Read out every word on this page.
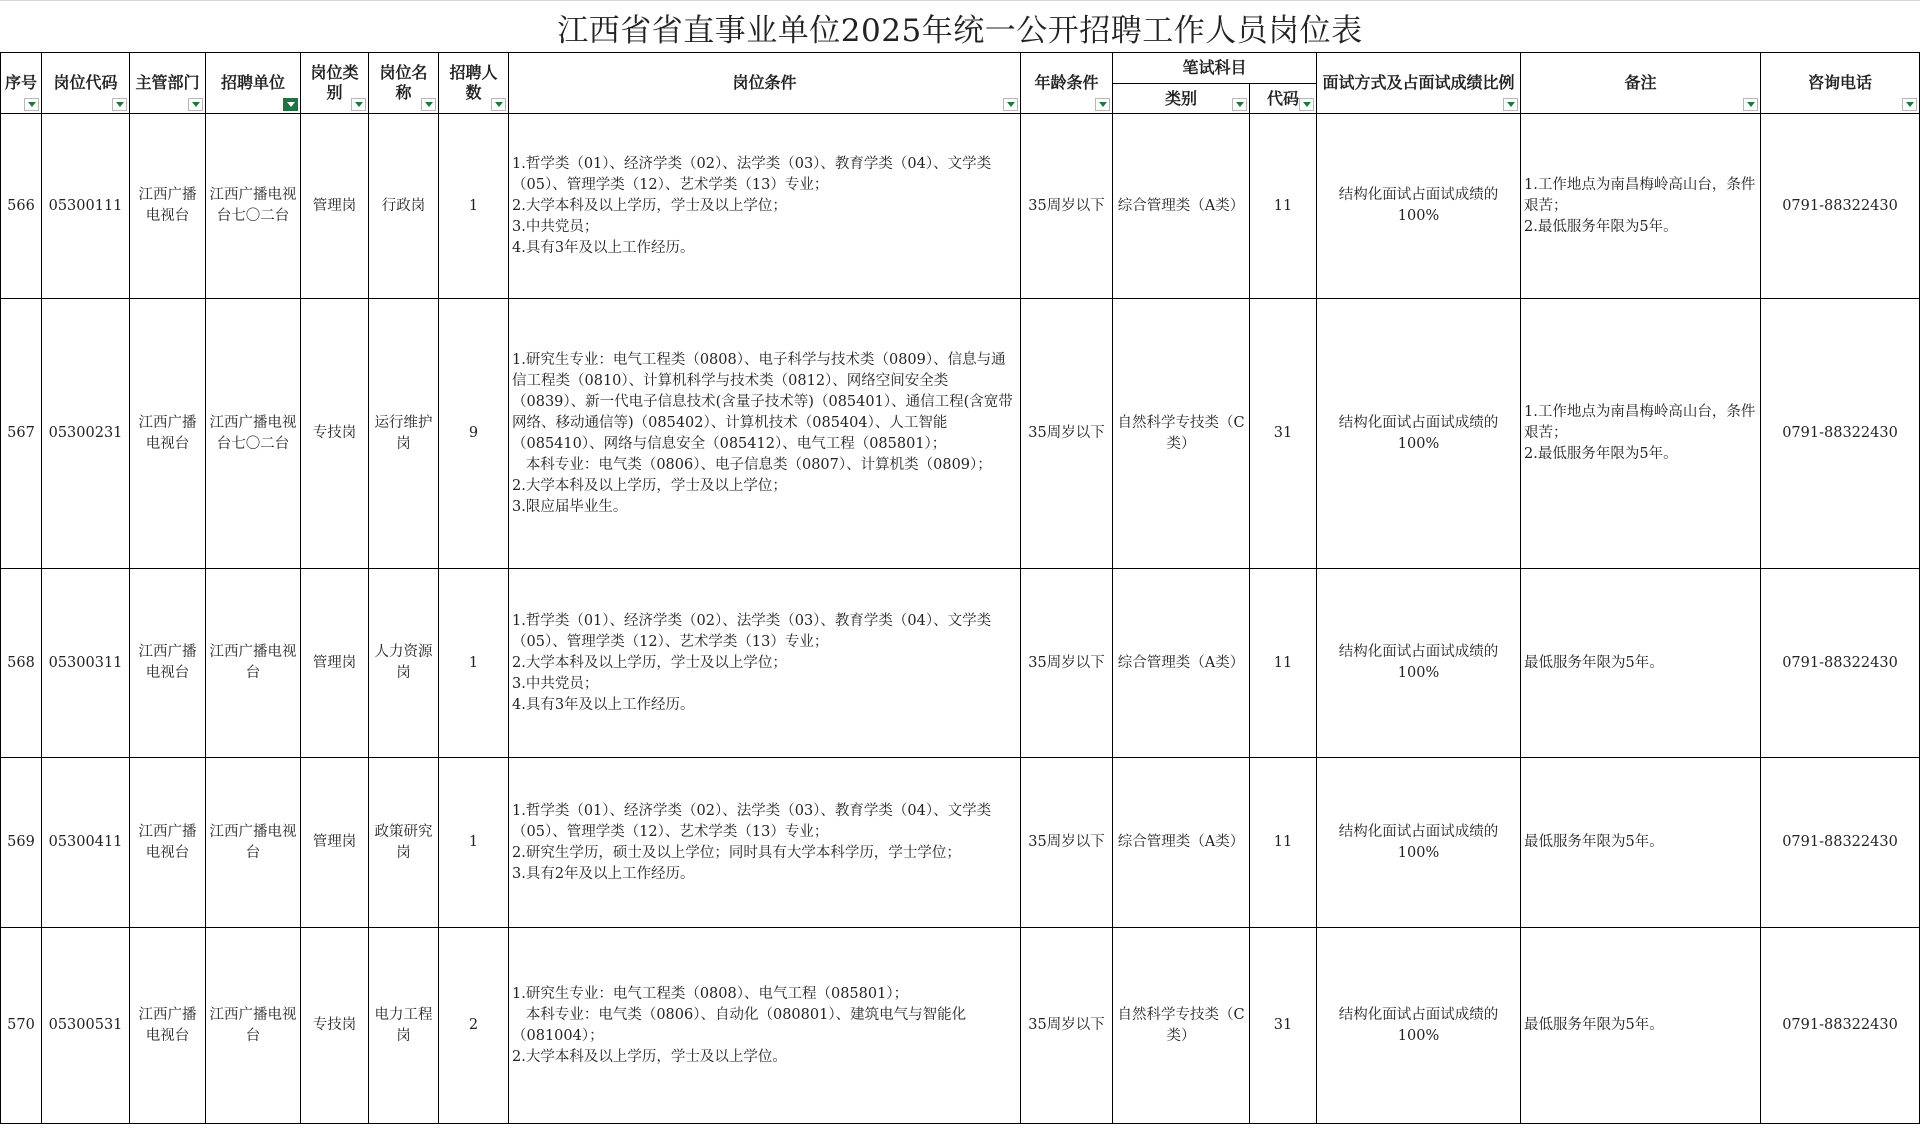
江西省省直事业单位2025年统一公开招聘工作人员岗位表
序号	岗位代码	主管部门	招聘单位	岗位类别	岗位名称	招聘人数	岗位条件	年龄条件	笔试科目		面试方式及占面试成绩比例	备注	咨询电话

									类别	代码			

566	05300111	江西广播电视台	江西广播电视台七〇二台	管理岗	行政岗	1	1.哲学类（01）、经济学类（02）、法学类（03）、教育学类（04）、文学类（05）、管理学类（12）、艺术学类（13）专业；
2.大学本科及以上学历，学士及以上学位；
3.中共党员；
4.具有3年及以上工作经历。	35周岁以下	综合管理类（A类）	11	结构化面试占面试成绩的100%	1.工作地点为南昌梅岭高山台，条件艰苦；
2.最低服务年限为5年。	0791-88322430
567	05300231	江西广播电视台	江西广播电视台七〇二台	专技岗	运行维护岗	9	1.研究生专业：电气工程类（0808）、电子科学与技术类（0809）、信息与通信工程类（0810）、计算机科学与技术类（0812）、网络空间安全类（0839）、新一代电子信息技术(含量子技术等)（085401）、通信工程(含宽带网络、移动通信等)（085402）、计算机技术（085404）、人工智能（085410）、网络与信息安全（085412）、电气工程（085801）；
本科专业：电气类（0806）、电子信息类（0807）、计算机类（0809）；
2.大学本科及以上学历，学士及以上学位；
3.限应届毕业生。	35周岁以下	自然科学专技类（C类）	31	结构化面试占面试成绩的100%	1.工作地点为南昌梅岭高山台，条件艰苦；
2.最低服务年限为5年。	0791-88322430
568	05300311	江西广播电视台	江西广播电视台	管理岗	人力资源岗	1	1.哲学类（01）、经济学类（02）、法学类（03）、教育学类（04）、文学类（05）、管理学类（12）、艺术学类（13）专业；
2.大学本科及以上学历，学士及以上学位；
3.中共党员；
4.具有3年及以上工作经历。	35周岁以下	综合管理类（A类）	11	结构化面试占面试成绩的100%	最低服务年限为5年。	0791-88322430
569	05300411	江西广播电视台	江西广播电视台	管理岗	政策研究岗	1	1.哲学类（01）、经济学类（02）、法学类（03）、教育学类（04）、文学类（05）、管理学类（12）、艺术学类（13）专业；
2.研究生学历，硕士及以上学位；同时具有大学本科学历，学士学位；
3.具有2年及以上工作经历。	35周岁以下	综合管理类（A类）	11	结构化面试占面试成绩的100%	最低服务年限为5年。	0791-88322430
570	05300531	江西广播电视台	江西广播电视台	专技岗	电力工程岗	2	1.研究生专业：电气工程类（0808）、电气工程（085801）；
本科专业：电气类（0806）、自动化（080801）、建筑电气与智能化（081004）；
2.大学本科及以上学历，学士及以上学位。	35周岁以下	自然科学专技类（C类）	31	结构化面试占面试成绩的100%	最低服务年限为5年。	0791-88322430
